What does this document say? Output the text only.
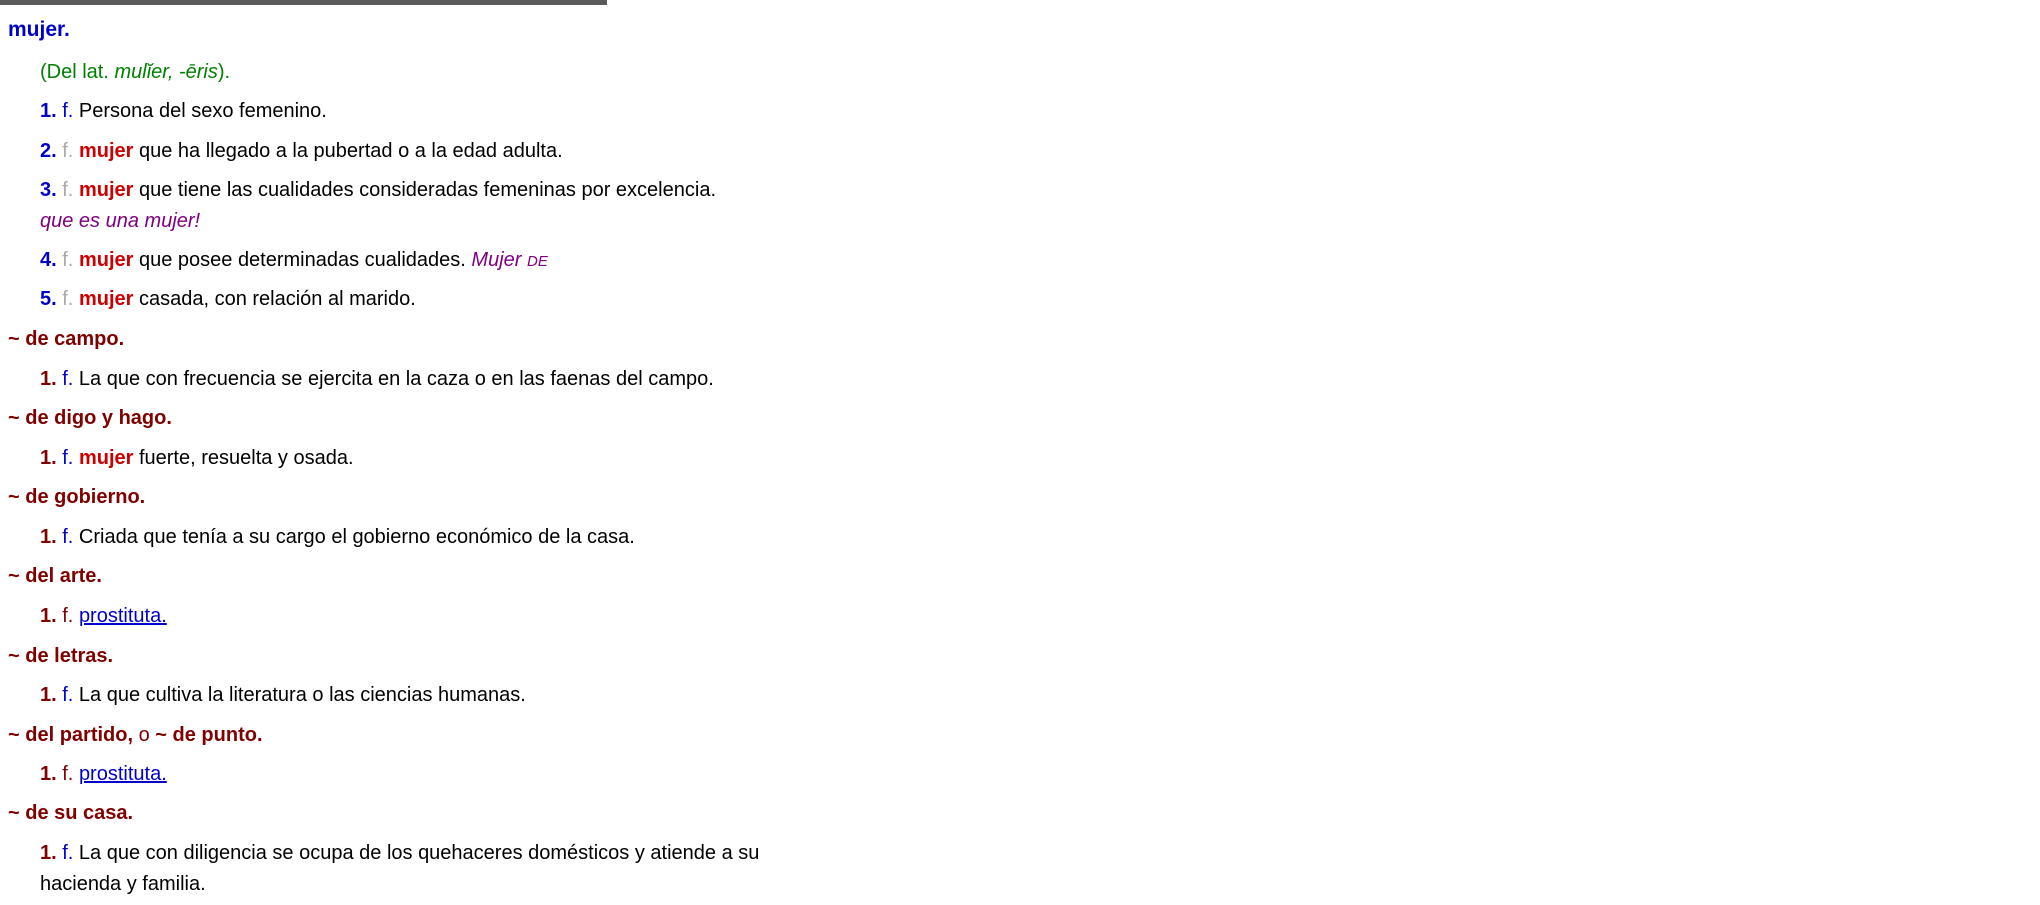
mujer.
(Del lat. mulĭer, -ēris).
1. f. Persona del sexo femenino.
2. f. mujer que ha llegado a la pubertad o a la edad adulta.
3. f. mujer que tiene las cualidades consideradas femeninas por excelencia.
que es una mujer!
4. f. mujer que posee determinadas cualidades. Mujer DE
5. f. mujer casada, con relación al marido.
~ de campo.
1. f. La que con frecuencia se ejercita en la caza o en las faenas del campo.
~ de digo y hago.
1. f. mujer fuerte, resuelta y osada.
~ de gobierno.
1. f. Criada que tenía a su cargo el gobierno económico de la casa.
~ del arte.
1. f. prostituta.
~ de letras.
1. f. La que cultiva la literatura o las ciencias humanas.
~ del partido, o ~ de punto.
1. f. prostituta.
~ de su casa.
1. f. La que con diligencia se ocupa de los quehaceres domésticos y atiende a su
hacienda y familia.
